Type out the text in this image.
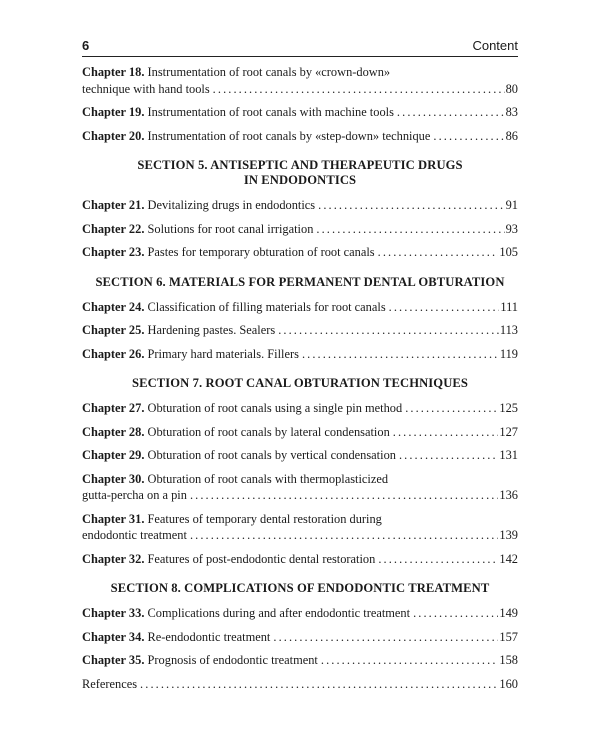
6	Content
Chapter 18. Instrumentation of root canals by «crown-down»
technique with hand tools . . .	80
Chapter 19. Instrumentation of root canals with machine tools . . .	83
Chapter 20. Instrumentation of root canals by «step-down» technique . . .	86
SECTION 5. ANTISEPTIC AND THERAPEUTIC DRUGS
IN ENDODONTICS
Chapter 21. Devitalizing drugs in endodontics . . .	91
Chapter 22. Solutions for root canal irrigation . . .	93
Chapter 23. Pastes for temporary obturation of root canals . . .	105
SECTION 6. MATERIALS FOR PERMANENT DENTAL OBTURATION
Chapter 24. Classification of filling materials for root canals . . .	111
Chapter 25. Hardening pastes. Sealers . . .	113
Chapter 26. Primary hard materials. Fillers . . .	119
SECTION 7. ROOT CANAL OBTURATION TECHNIQUES
Chapter 27. Obturation of root canals using a single pin method . . .	125
Chapter 28. Obturation of root canals by lateral condensation . . .	127
Chapter 29. Obturation of root canals by vertical condensation . . .	131
Chapter 30. Obturation of root canals with thermoplasticized
gutta-percha on a pin . . .	136
Chapter 31. Features of temporary dental restoration during
endodontic treatment . . .	139
Chapter 32. Features of post-endodontic dental restoration . . .	142
SECTION 8. COMPLICATIONS OF ENDODONTIC TREATMENT
Chapter 33. Complications during and after endodontic treatment . . .	149
Chapter 34. Re-endodontic treatment . . .	157
Chapter 35. Prognosis of endodontic treatment . . .	158
References . . .	160
